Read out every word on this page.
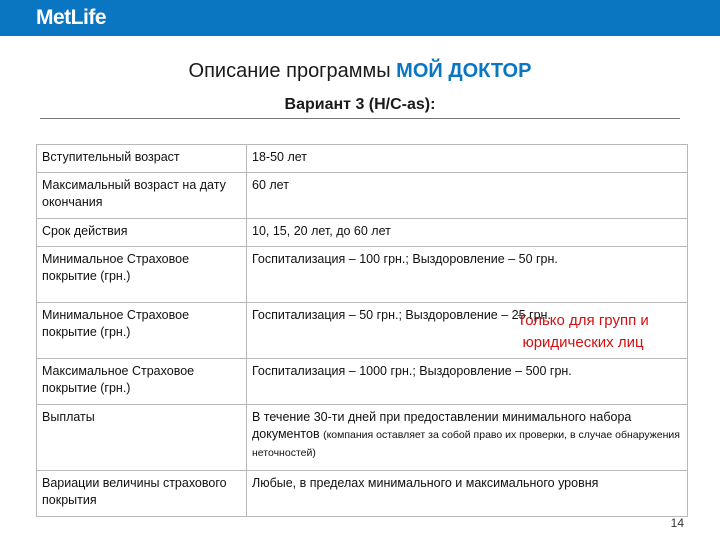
MetLife
Описание программы МОЙ ДОКТОР
Вариант 3 (Н/С-as):
Вступительный возраст	18-50 лет
Максимальный возраст на дату окончания	60 лет
Срок действия	10, 15, 20 лет, до 60 лет
Минимальное Страховое покрытие (грн.)	Госпитализация – 100 грн.; Выздоровление – 50 грн.
Минимальное Страховое покрытие (грн.)	Госпитализация – 50 грн.; Выздоровление – 25 грн.
Максимальное Страховое покрытие (грн.)	Госпитализация – 1000 грн.; Выздоровление – 500 грн.
Выплаты	В течение 30-ти дней при предоставлении минимального набора документов (компания оставляет за собой право их проверки, в случае обнаружения неточностей)
Вариации величины страхового покрытия	Любые, в пределах минимального и максимального уровня
Только для групп и
юридических лиц
14
